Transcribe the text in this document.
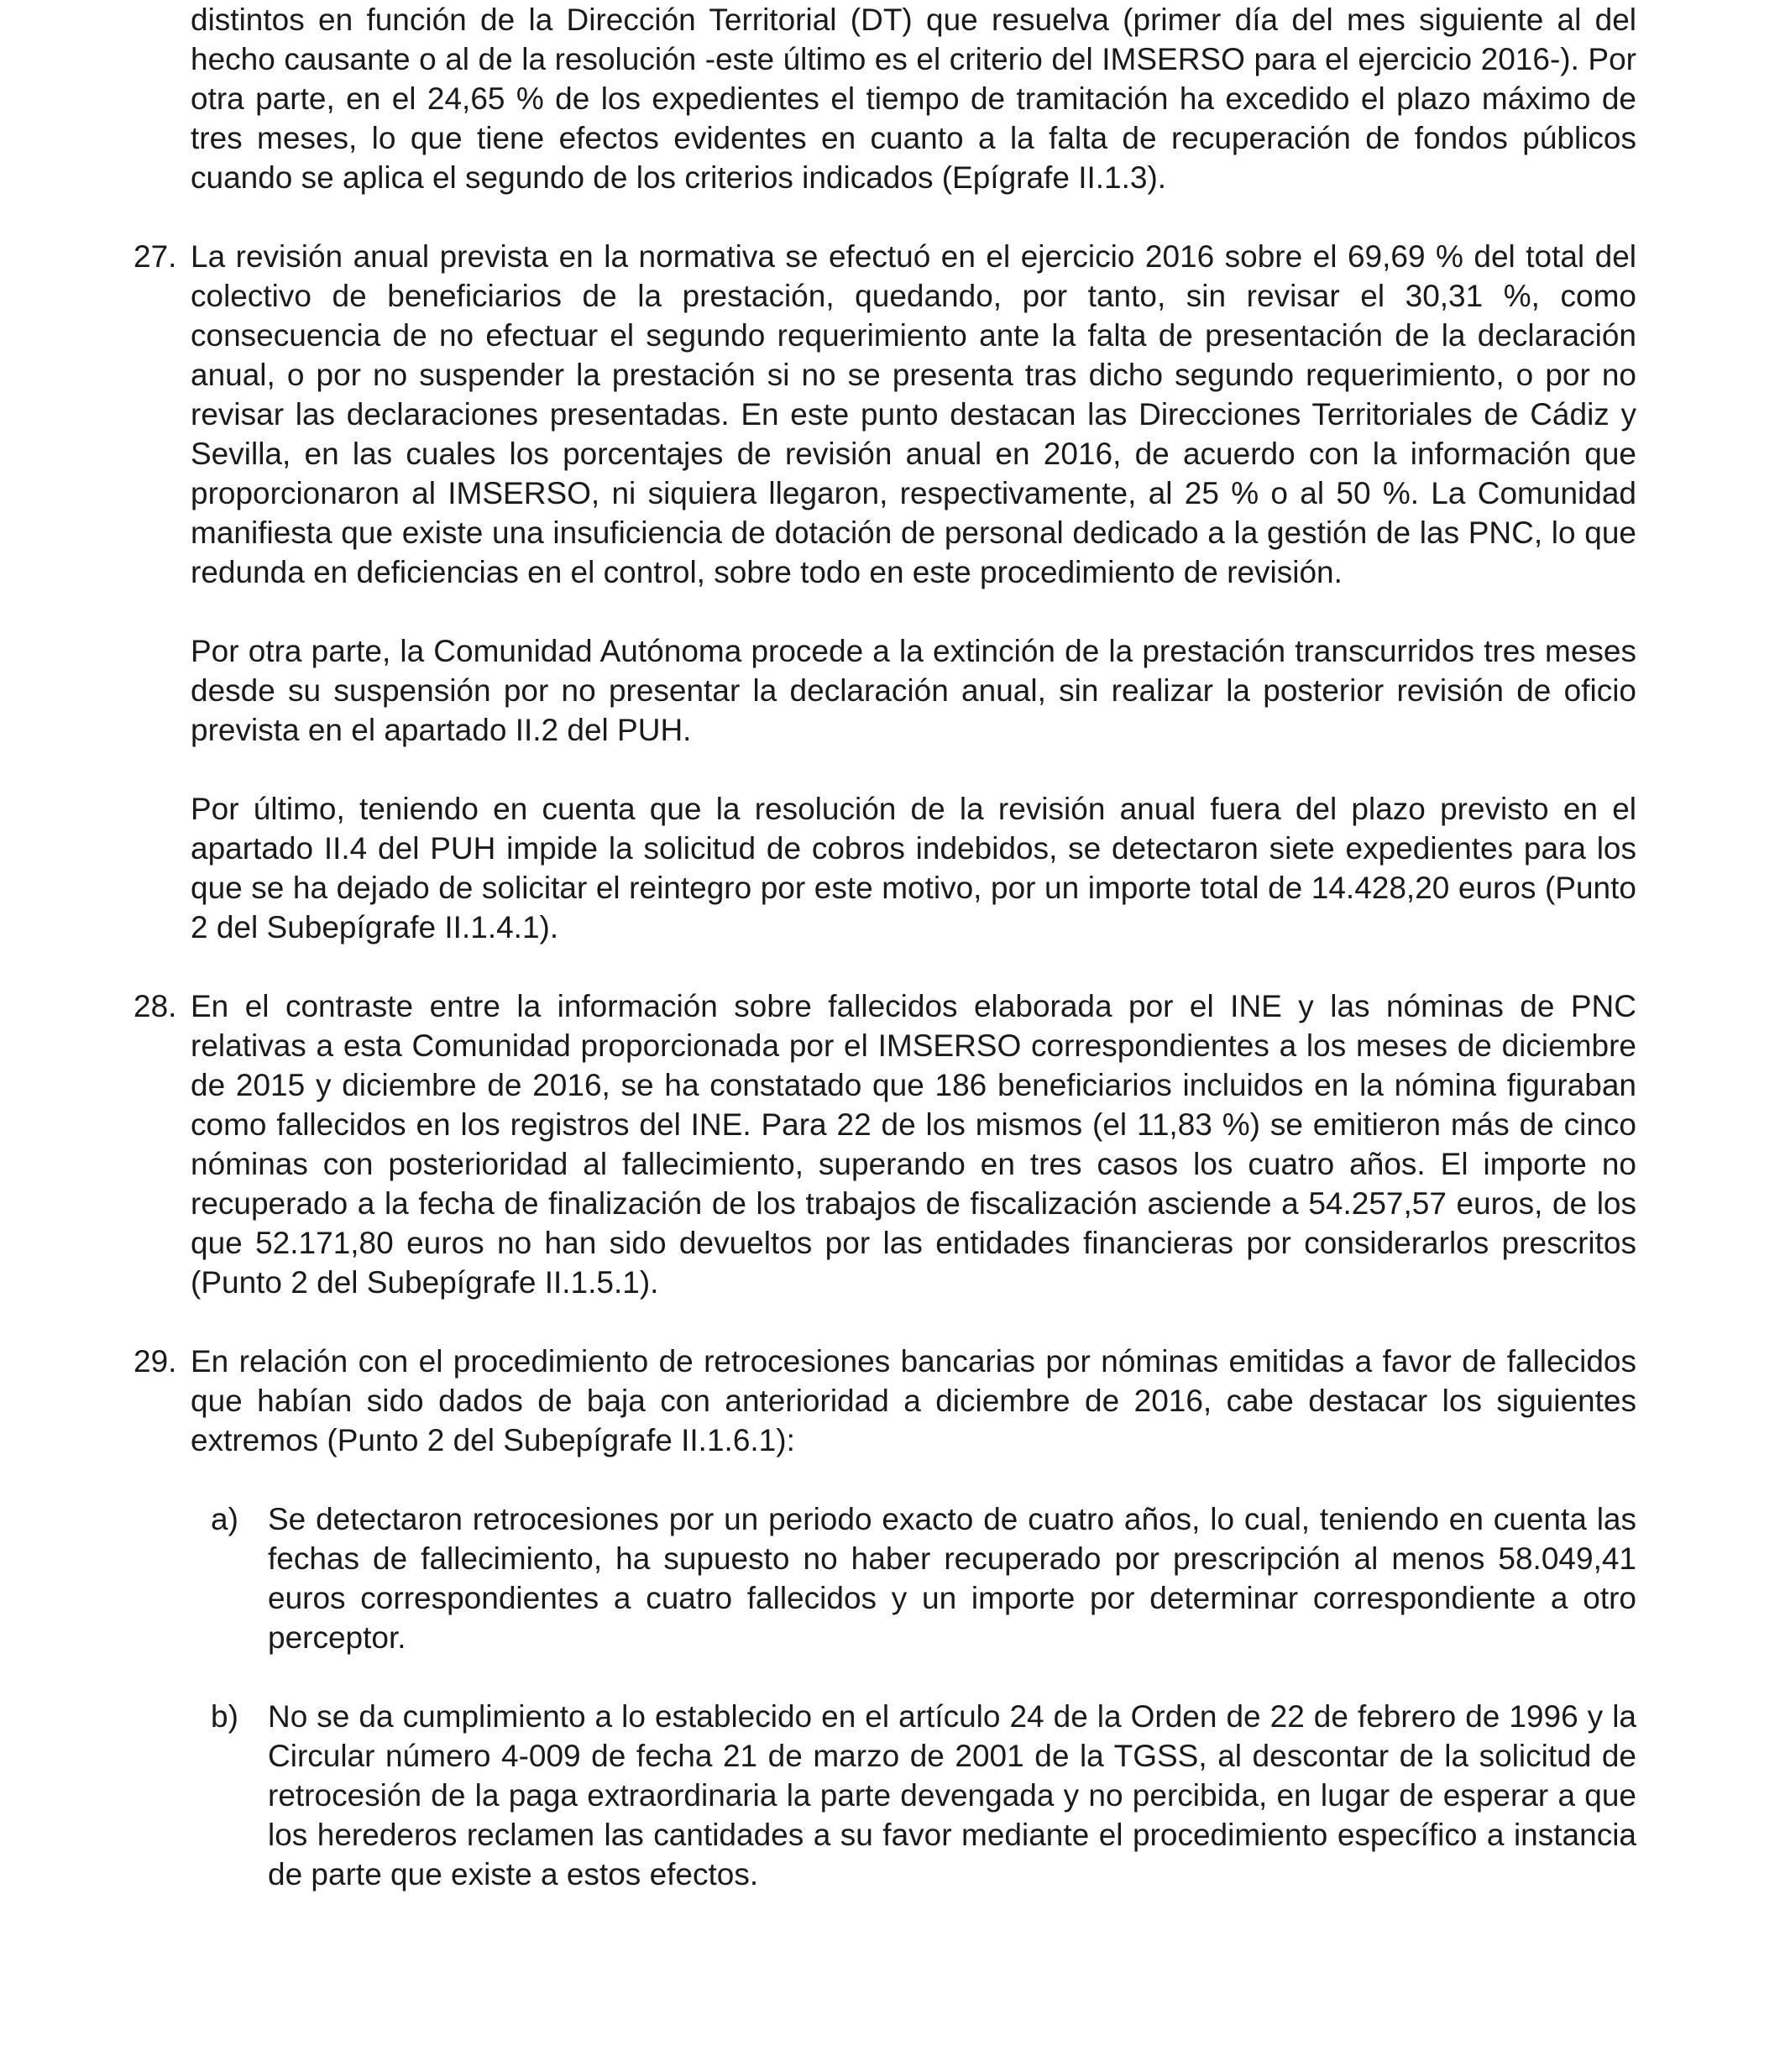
distintos en función de la Dirección Territorial (DT) que resuelva (primer día del mes siguiente al del hecho causante o al de la resolución -este último es el criterio del IMSERSO para el ejercicio 2016-). Por otra parte, en el 24,65 % de los expedientes el tiempo de tramitación ha excedido el plazo máximo de tres meses, lo que tiene efectos evidentes en cuanto a la falta de recuperación de fondos públicos cuando se aplica el segundo de los criterios indicados (Epígrafe II.1.3).

27. La revisión anual prevista en la normativa se efectuó en el ejercicio 2016 sobre el 69,69 % del total del colectivo de beneficiarios de la prestación, quedando, por tanto, sin revisar el 30,31 %, como consecuencia de no efectuar el segundo requerimiento ante la falta de presentación de la declaración anual, o por no suspender la prestación si no se presenta tras dicho segundo requerimiento, o por no revisar las declaraciones presentadas. En este punto destacan las Direcciones Territoriales de Cádiz y Sevilla, en las cuales los porcentajes de revisión anual en 2016, de acuerdo con la información que proporcionaron al IMSERSO, ni siquiera llegaron, respectivamente, al 25 % o al 50 %. La Comunidad manifiesta que existe una insuficiencia de dotación de personal dedicado a la gestión de las PNC, lo que redunda en deficiencias en el control, sobre todo en este procedimiento de revisión.

Por otra parte, la Comunidad Autónoma procede a la extinción de la prestación transcurridos tres meses desde su suspensión por no presentar la declaración anual, sin realizar la posterior revisión de oficio prevista en el apartado II.2 del PUH.

Por último, teniendo en cuenta que la resolución de la revisión anual fuera del plazo previsto en el apartado II.4 del PUH impide la solicitud de cobros indebidos, se detectaron siete expedientes para los que se ha dejado de solicitar el reintegro por este motivo, por un importe total de 14.428,20 euros (Punto 2 del Subepígrafe II.1.4.1).

28. En el contraste entre la información sobre fallecidos elaborada por el INE y las nóminas de PNC relativas a esta Comunidad proporcionada por el IMSERSO correspondientes a los meses de diciembre de 2015 y diciembre de 2016, se ha constatado que 186 beneficiarios incluidos en la nómina figuraban como fallecidos en los registros del INE. Para 22 de los mismos (el 11,83 %) se emitieron más de cinco nóminas con posterioridad al fallecimiento, superando en tres casos los cuatro años. El importe no recuperado a la fecha de finalización de los trabajos de fiscalización asciende a 54.257,57 euros, de los que 52.171,80 euros no han sido devueltos por las entidades financieras por considerarlos prescritos (Punto 2 del Subepígrafe II.1.5.1).
29. En relación con el procedimiento de retrocesiones bancarias por nóminas emitidas a favor de fallecidos que habían sido dados de baja con anterioridad a diciembre de 2016, cabe destacar los siguientes extremos (Punto 2 del Subepígrafe II.1.6.1):
a) Se detectaron retrocesiones por un periodo exacto de cuatro años, lo cual, teniendo en cuenta las fechas de fallecimiento, ha supuesto no haber recuperado por prescripción al menos 58.049,41 euros correspondientes a cuatro fallecidos y un importe por determinar correspondiente a otro perceptor.
b) No se da cumplimiento a lo establecido en el artículo 24 de la Orden de 22 de febrero de 1996 y la Circular número 4-009 de fecha 21 de marzo de 2001 de la TGSS, al descontar de la solicitud de retrocesión de la paga extraordinaria la parte devengada y no percibida, en lugar de esperar a que los herederos reclamen las cantidades a su favor mediante el procedimiento específico a instancia de parte que existe a estos efectos.
